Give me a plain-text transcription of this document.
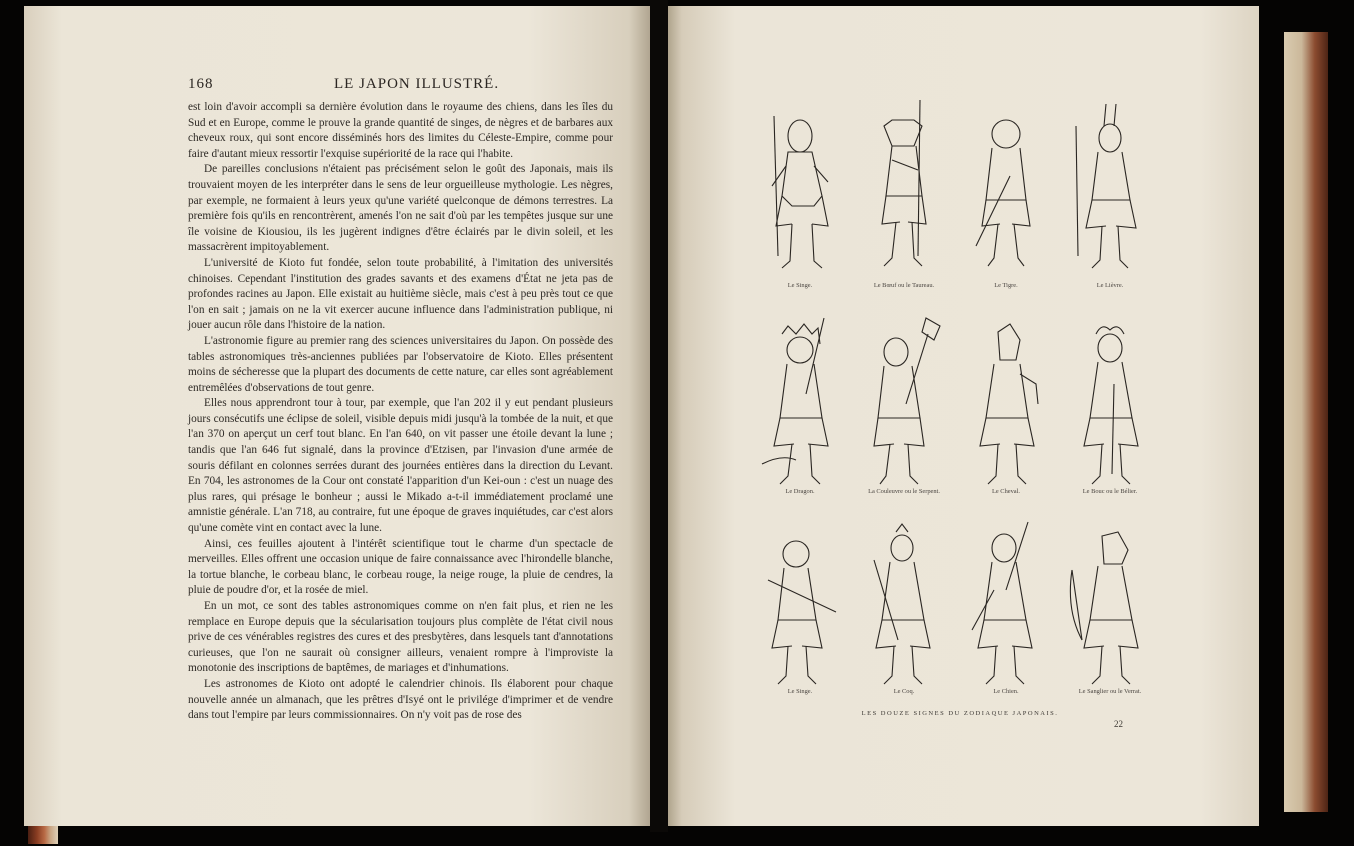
168	LE JAPON ILLUSTRÉ.

est loin d'avoir accompli sa dernière évolution dans le royaume des chiens, dans les îles du Sud et en Europe, comme le prouve la grande quantité de singes, de nègres et de barbares aux cheveux roux, qui sont encore disséminés hors des limites du Céleste-Empire, comme pour faire d'autant mieux ressortir l'exquise supériorité de la race qui l'habite.

De pareilles conclusions n'étaient pas précisément selon le goût des Japonais, mais ils trouvaient moyen de les interpréter dans le sens de leur orgueilleuse mythologie. Les nègres, par exemple, ne formaient à leurs yeux qu'une variété quelconque de démons terrestres. La première fois qu'ils en rencontrèrent, amenés l'on ne sait d'où par les tempêtes jusque sur une île voisine de Kiousiou, ils les jugèrent indignes d'être éclairés par le divin soleil, et les massacrèrent impitoyablement.

L'université de Kioto fut fondée, selon toute probabilité, à l'imitation des universités chinoises. Cependant l'institution des grades savants et des examens d'État ne jeta pas de profondes racines au Japon. Elle existait au huitième siècle, mais c'est à peu près tout ce que l'on en sait ; jamais on ne la vit exercer aucune influence dans l'administration publique, ni jouer aucun rôle dans l'histoire de la nation.

L'astronomie figure au premier rang des sciences universitaires du Japon. On possède des tables astronomiques très-anciennes publiées par l'observatoire de Kioto. Elles présentent moins de sécheresse que la plupart des documents de cette nature, car elles sont agréablement entremêlées d'observations de tout genre.

Elles nous apprendront tour à tour, par exemple, que l'an 202 il y eut pendant plusieurs jours consécutifs une éclipse de soleil, visible depuis midi jusqu'à la tombée de la nuit, et que l'an 370 on aperçut un cerf tout blanc. En l'an 640, on vit passer une étoile devant la lune ; tandis que l'an 646 fut signalé, dans la province d'Etzisen, par l'invasion d'une armée de souris défilant en colonnes serrées durant des journées entières dans la direction du Levant. En 704, les astronomes de la Cour ont constaté l'apparition d'un Kei-oun : c'est un nuage des plus rares, qui présage le bonheur ; aussi le Mikado a-t-il immédiatement proclamé une amnistie générale. L'an 718, au contraire, fut une époque de graves inquiétudes, car c'est alors qu'une comète vint en contact avec la lune.

Ainsi, ces feuilles ajoutent à l'intérêt scientifique tout le charme d'un spectacle de merveilles. Elles offrent une occasion unique de faire connaissance avec l'hirondelle blanche, la tortue blanche, le corbeau blanc, le corbeau rouge, la neige rouge, la pluie de cendres, la pluie de poudre d'or, et la rosée de miel.

En un mot, ce sont des tables astronomiques comme on n'en fait plus, et rien ne les remplace en Europe depuis que la sécularisation toujours plus complète de l'état civil nous prive de ces vénérables registres des cures et des presbytères, dans lesquels tant d'annotations curieuses, que l'on ne saurait où consigner ailleurs, venaient rompre à l'improviste la monotonie des inscriptions de baptêmes, de mariages et d'inhumations.

Les astronomes de Kioto ont adopté le calendrier chinois. Ils élaborent pour chaque nouvelle année un almanach, que les prêtres d'Isyé ont le privilége d'imprimer et de vendre dans tout l'empire par leurs commissionnaires. On n'y voit pas de rose des

Le Singe.	Le Bœuf ou le Taureau.	Le Tigre.	Le Lièvre.
Le Dragon.	La Couleuvre ou le Serpent.	Le Cheval.	Le Bouc ou le Bélier.
Le Singe.	Le Coq.	Le Chien.	Le Sanglier ou le Verrat.
LES DOUZE SIGNES DU ZODIAQUE JAPONAIS.
22
